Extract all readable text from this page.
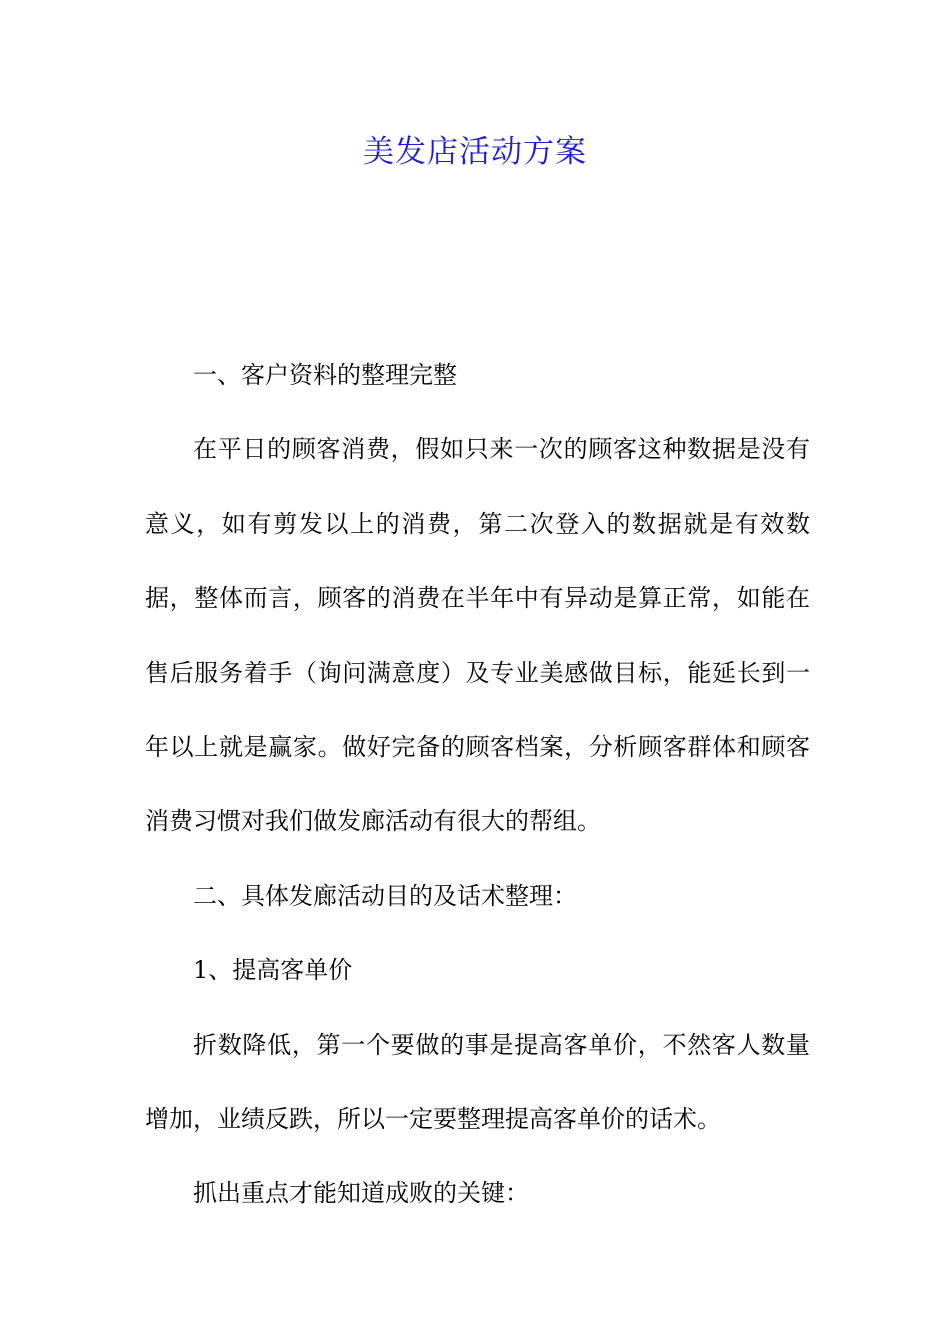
美发店活动方案

一、客户资料的整理完整

在平日的顾客消费，假如只来一次的顾客这种数据是没有意义，如有剪发以上的消费，第二次登入的数据就是有效数据，整体而言，顾客的消费在半年中有异动是算正常，如能在售后服务着手（询问满意度）及专业美感做目标，能延长到一年以上就是赢家。做好完备的顾客档案，分析顾客群体和顾客消费习惯对我们做发廊活动有很大的帮组。

二、具体发廊活动目的及话术整理：

1、提高客单价

折数降低，第一个要做的事是提高客单价，不然客人数量增加，业绩反跌，所以一定要整理提高客单价的话术。

抓出重点才能知道成败的关键：
